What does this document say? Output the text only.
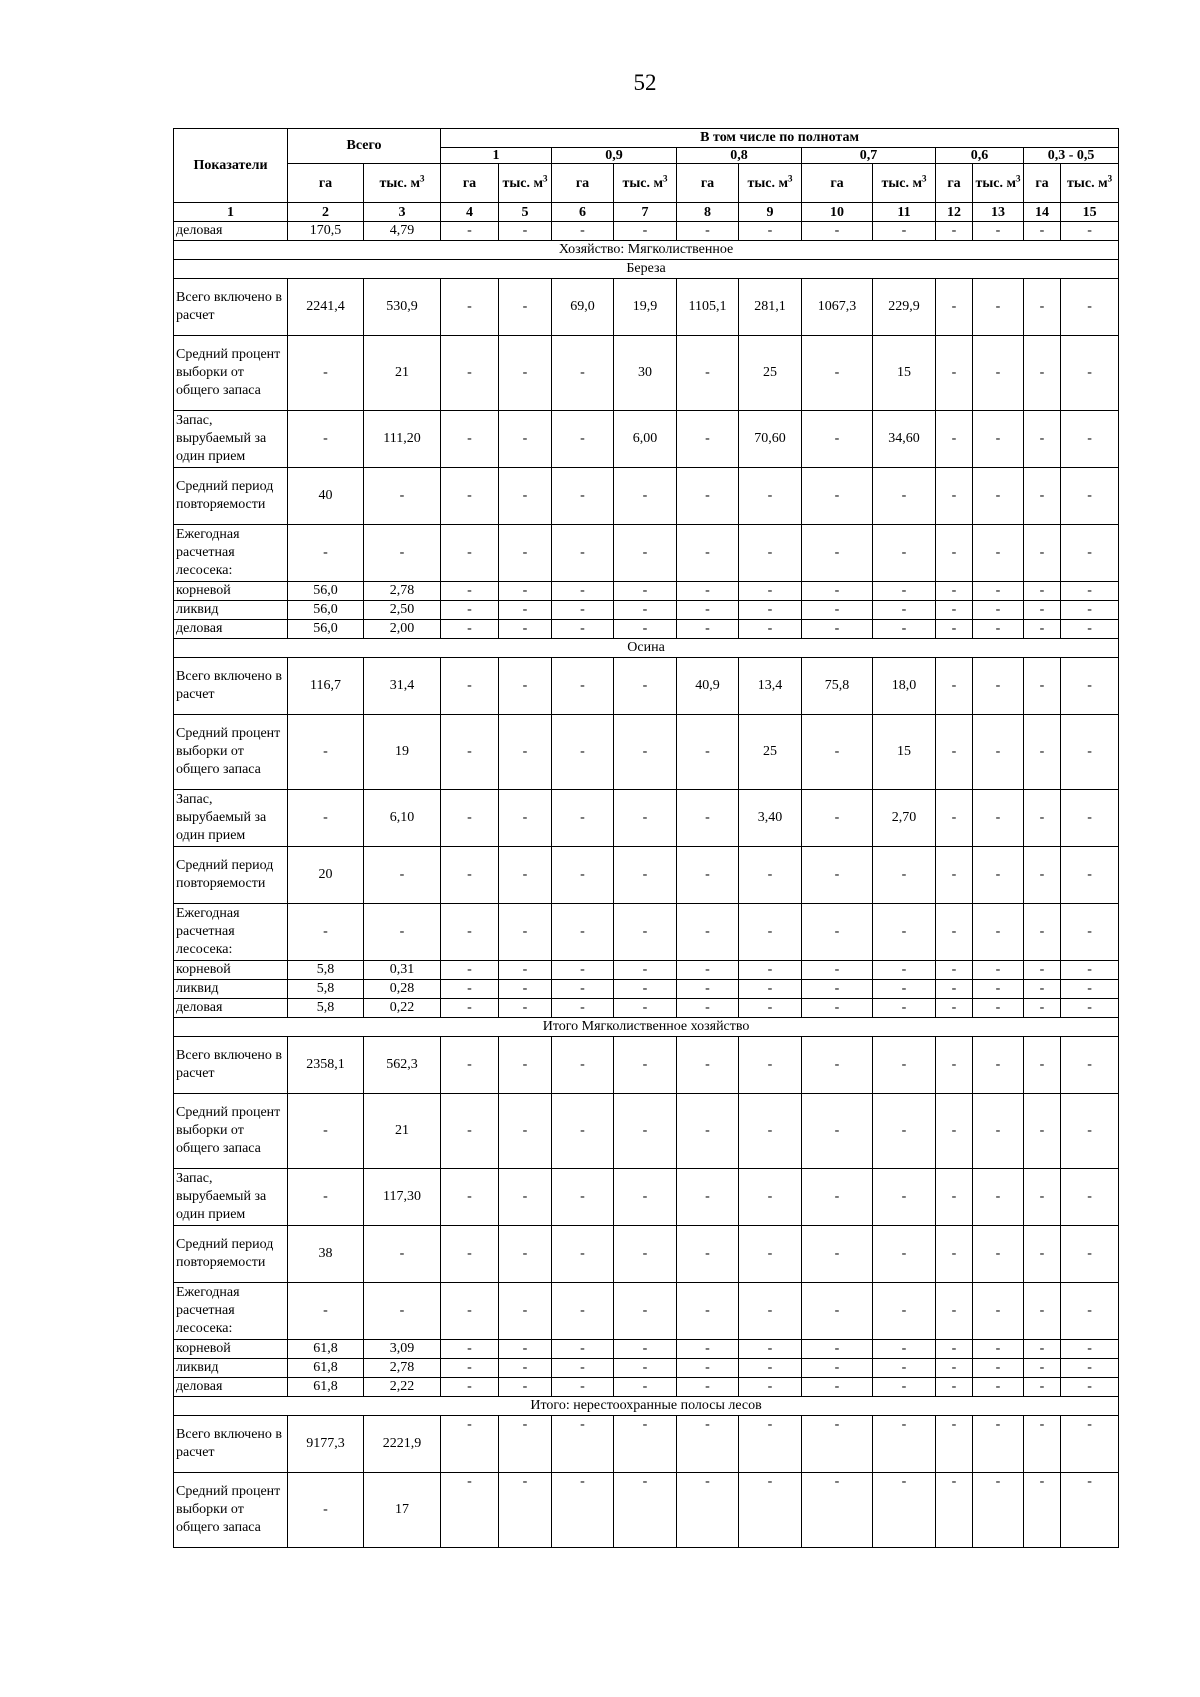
52
Показатели	Всего		В том числе по полнотам											
			1		0,9		0,8		0,7		0,6		0,3 - 0,5	
	га	тыс. $м^3$	га	тыс. $м^3$	га	тыс. $м^3$	га	тыс. $м^3$	га	тыс. $м^3$	га	тыс. $м^3$	га	тыс. $м^3$
1	2	3	4	5	6	7	8	9	10	11	12	13	14	15
деловая	170,5	4,79	-	-	-	-	-	-	-	-	-	-	-	-
Хозяйство: Мягколиственное														
Береза														
Всего включено в расчет	2241,4	530,9	-	-	69,0	19,9	1105,1	281,1	1067,3	229,9	-	-	-	-
Средний процент выборки от общего запаса	-	21	-	-	-	30	-	25	-	15	-	-	-	-
Запас, вырубаемый за один прием	-	111,20	-	-	-	6,00	-	70,60	-	34,60	-	-	-	-
Средний период повторяемости	40	-	-	-	-	-	-	-	-	-	-	-	-	-
Ежегодная расчетная лесосека:	-	-	-	-	-	-	-	-	-	-	-	-	-	-
корневой	56,0	2,78	-	-	-	-	-	-	-	-	-	-	-	-
ликвид	56,0	2,50	-	-	-	-	-	-	-	-	-	-	-	-
деловая	56,0	2,00	-	-	-	-	-	-	-	-	-	-	-	-
Осина														
Всего включено в расчет	116,7	31,4	-	-	-	-	40,9	13,4	75,8	18,0	-	-	-	-
Средний процент выборки от общего запаса	-	19	-	-	-	-	-	25	-	15	-	-	-	-
Запас, вырубаемый за один прием	-	6,10	-	-	-	-	-	3,40	-	2,70	-	-	-	-
Средний период повторяемости	20	-	-	-	-	-	-	-	-	-	-	-	-	-
Ежегодная расчетная лесосека:	-	-	-	-	-	-	-	-	-	-	-	-	-	-
корневой	5,8	0,31	-	-	-	-	-	-	-	-	-	-	-	-
ликвид	5,8	0,28	-	-	-	-	-	-	-	-	-	-	-	-
деловая	5,8	0,22	-	-	-	-	-	-	-	-	-	-	-	-
Итого Мягколиственное хозяйство														
Всего включено в расчет	2358,1	562,3	-	-	-	-	-	-	-	-	-	-	-	-
Средний процент выборки от общего запаса	-	21	-	-	-	-	-	-	-	-	-	-	-	-
Запас, вырубаемый за один прием	-	117,30	-	-	-	-	-	-	-	-	-	-	-	-
Средний период повторяемости	38	-	-	-	-	-	-	-	-	-	-	-	-	-
Ежегодная расчетная лесосека:	-	-	-	-	-	-	-	-	-	-	-	-	-	-
корневой	61,8	3,09	-	-	-	-	-	-	-	-	-	-	-	-
ликвид	61,8	2,78	-	-	-	-	-	-	-	-	-	-	-	-
деловая	61,8	2,22	-	-	-	-	-	-	-	-	-	-	-	-
Итого: нерестоохранные полосы лесов														
Всего включено в расчет	9177,3	2221,9	-	-	-	-	-	-	-	-	-	-	-	-
Средний процент выборки от общего запаса	-	17	-	-	-	-	-	-	-	-	-	-	-	-
